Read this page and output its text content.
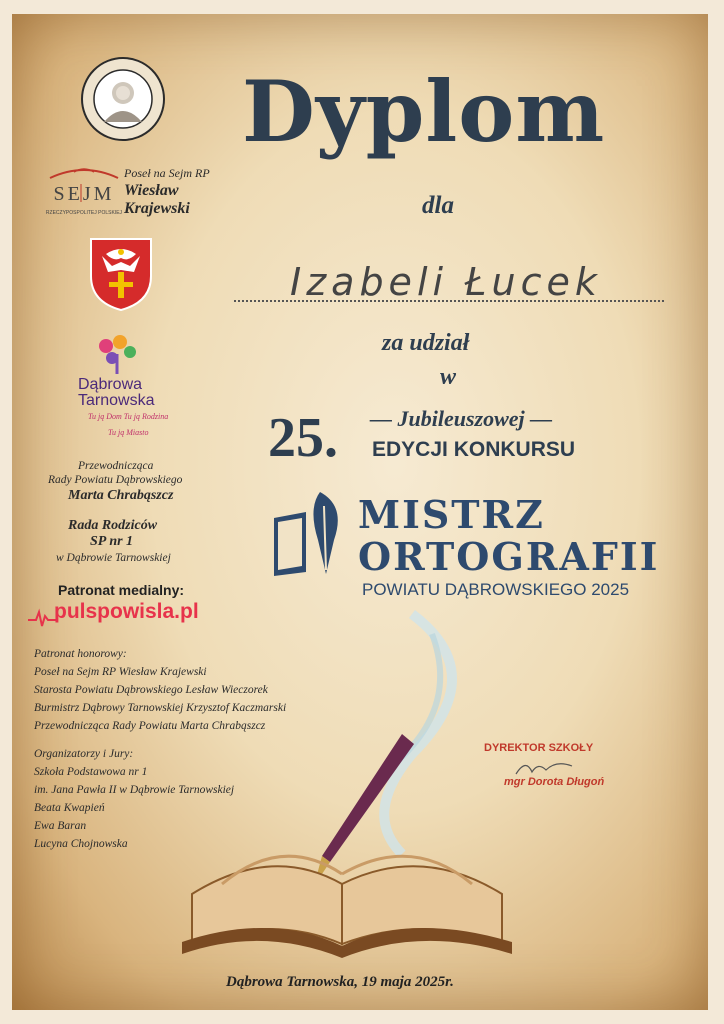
SEJM
RZECZYPOSPOLITEJ POLSKIEJ
Poseł na Sejm RP
Wiesław
Krajewski
Dąbrowa
Tarnowska
Tu ją Dom Tu ją Rodzina
Tu ją Miasto
Przewodnicząca
Rady Powiatu Dąbrowskiego
Marta Chrabąszcz
Rada Rodziców
SP nr 1
w Dąbrowie Tarnowskiej
Patronat medialny:
pulspowisla.pl
Patronat honorowy:
Poseł na Sejm RP Wiesław Krajewski
Starosta Powiatu Dąbrowskiego Lesław Wieczorek
Burmistrz Dąbrowy Tarnowskiej Krzysztof Kaczmarski
Przewodnicząca Rady Powiatu Marta Chrabąszcz
Organizatorzy i Jury:
Szkoła Podstawowa nr 1
im. Jana Pawła II w Dąbrowie Tarnowskiej
Beata Kwapień
Ewa Baran
Lucyna Chojnowska
Dyplom
dla
Izabeli Łucek
za udział
w
25. — Jubileuszowej —
EDYCJI KONKURSU
MISTRZ
ORTOGRAFII
POWIATU DĄBROWSKIEGO 2025
DYREKTOR SZKOŁY
mgr Dorota Długoń
Dąbrowa Tarnowska, 19 maja 2025r.
